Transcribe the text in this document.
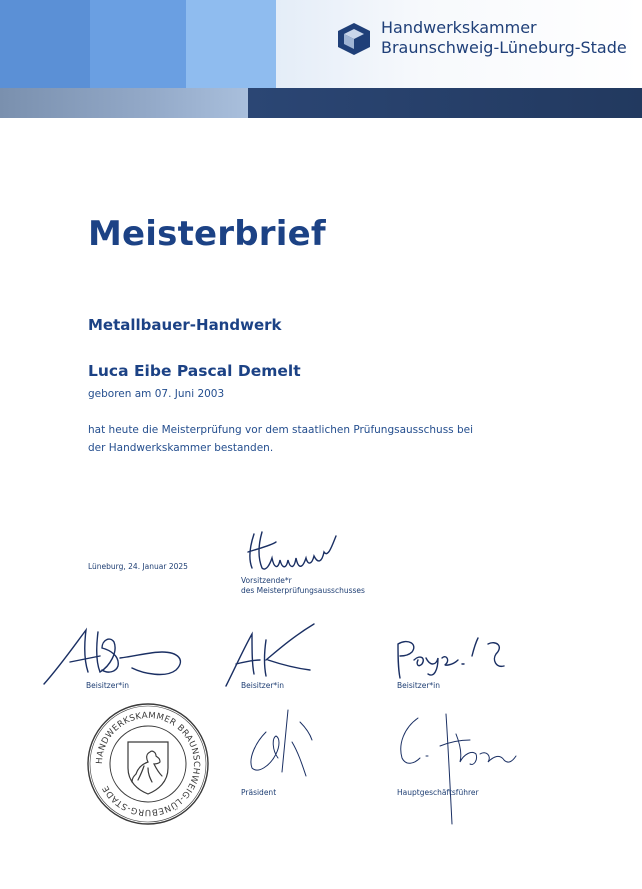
Handwerkskammer
Braunschweig-Lüneburg-Stade
Meisterbrief
Metallbauer-Handwerk
Luca Eibe Pascal Demelt
geboren am 07. Juni 2003
hat heute die Meisterprüfung vor dem staatlichen Prüfungsausschuss bei der Handwerkskammer bestanden.
Lüneburg, 24. Januar 2025
Vorsitzende*r
des Meisterprüfungsausschusses
Beisitzer*in	Beisitzer*in	Beisitzer*in
HANDWERKSKAMMER BRAUNSCHWEIG-LÜNEBURG-STADE	Präsident	Hauptgeschäftsführer
